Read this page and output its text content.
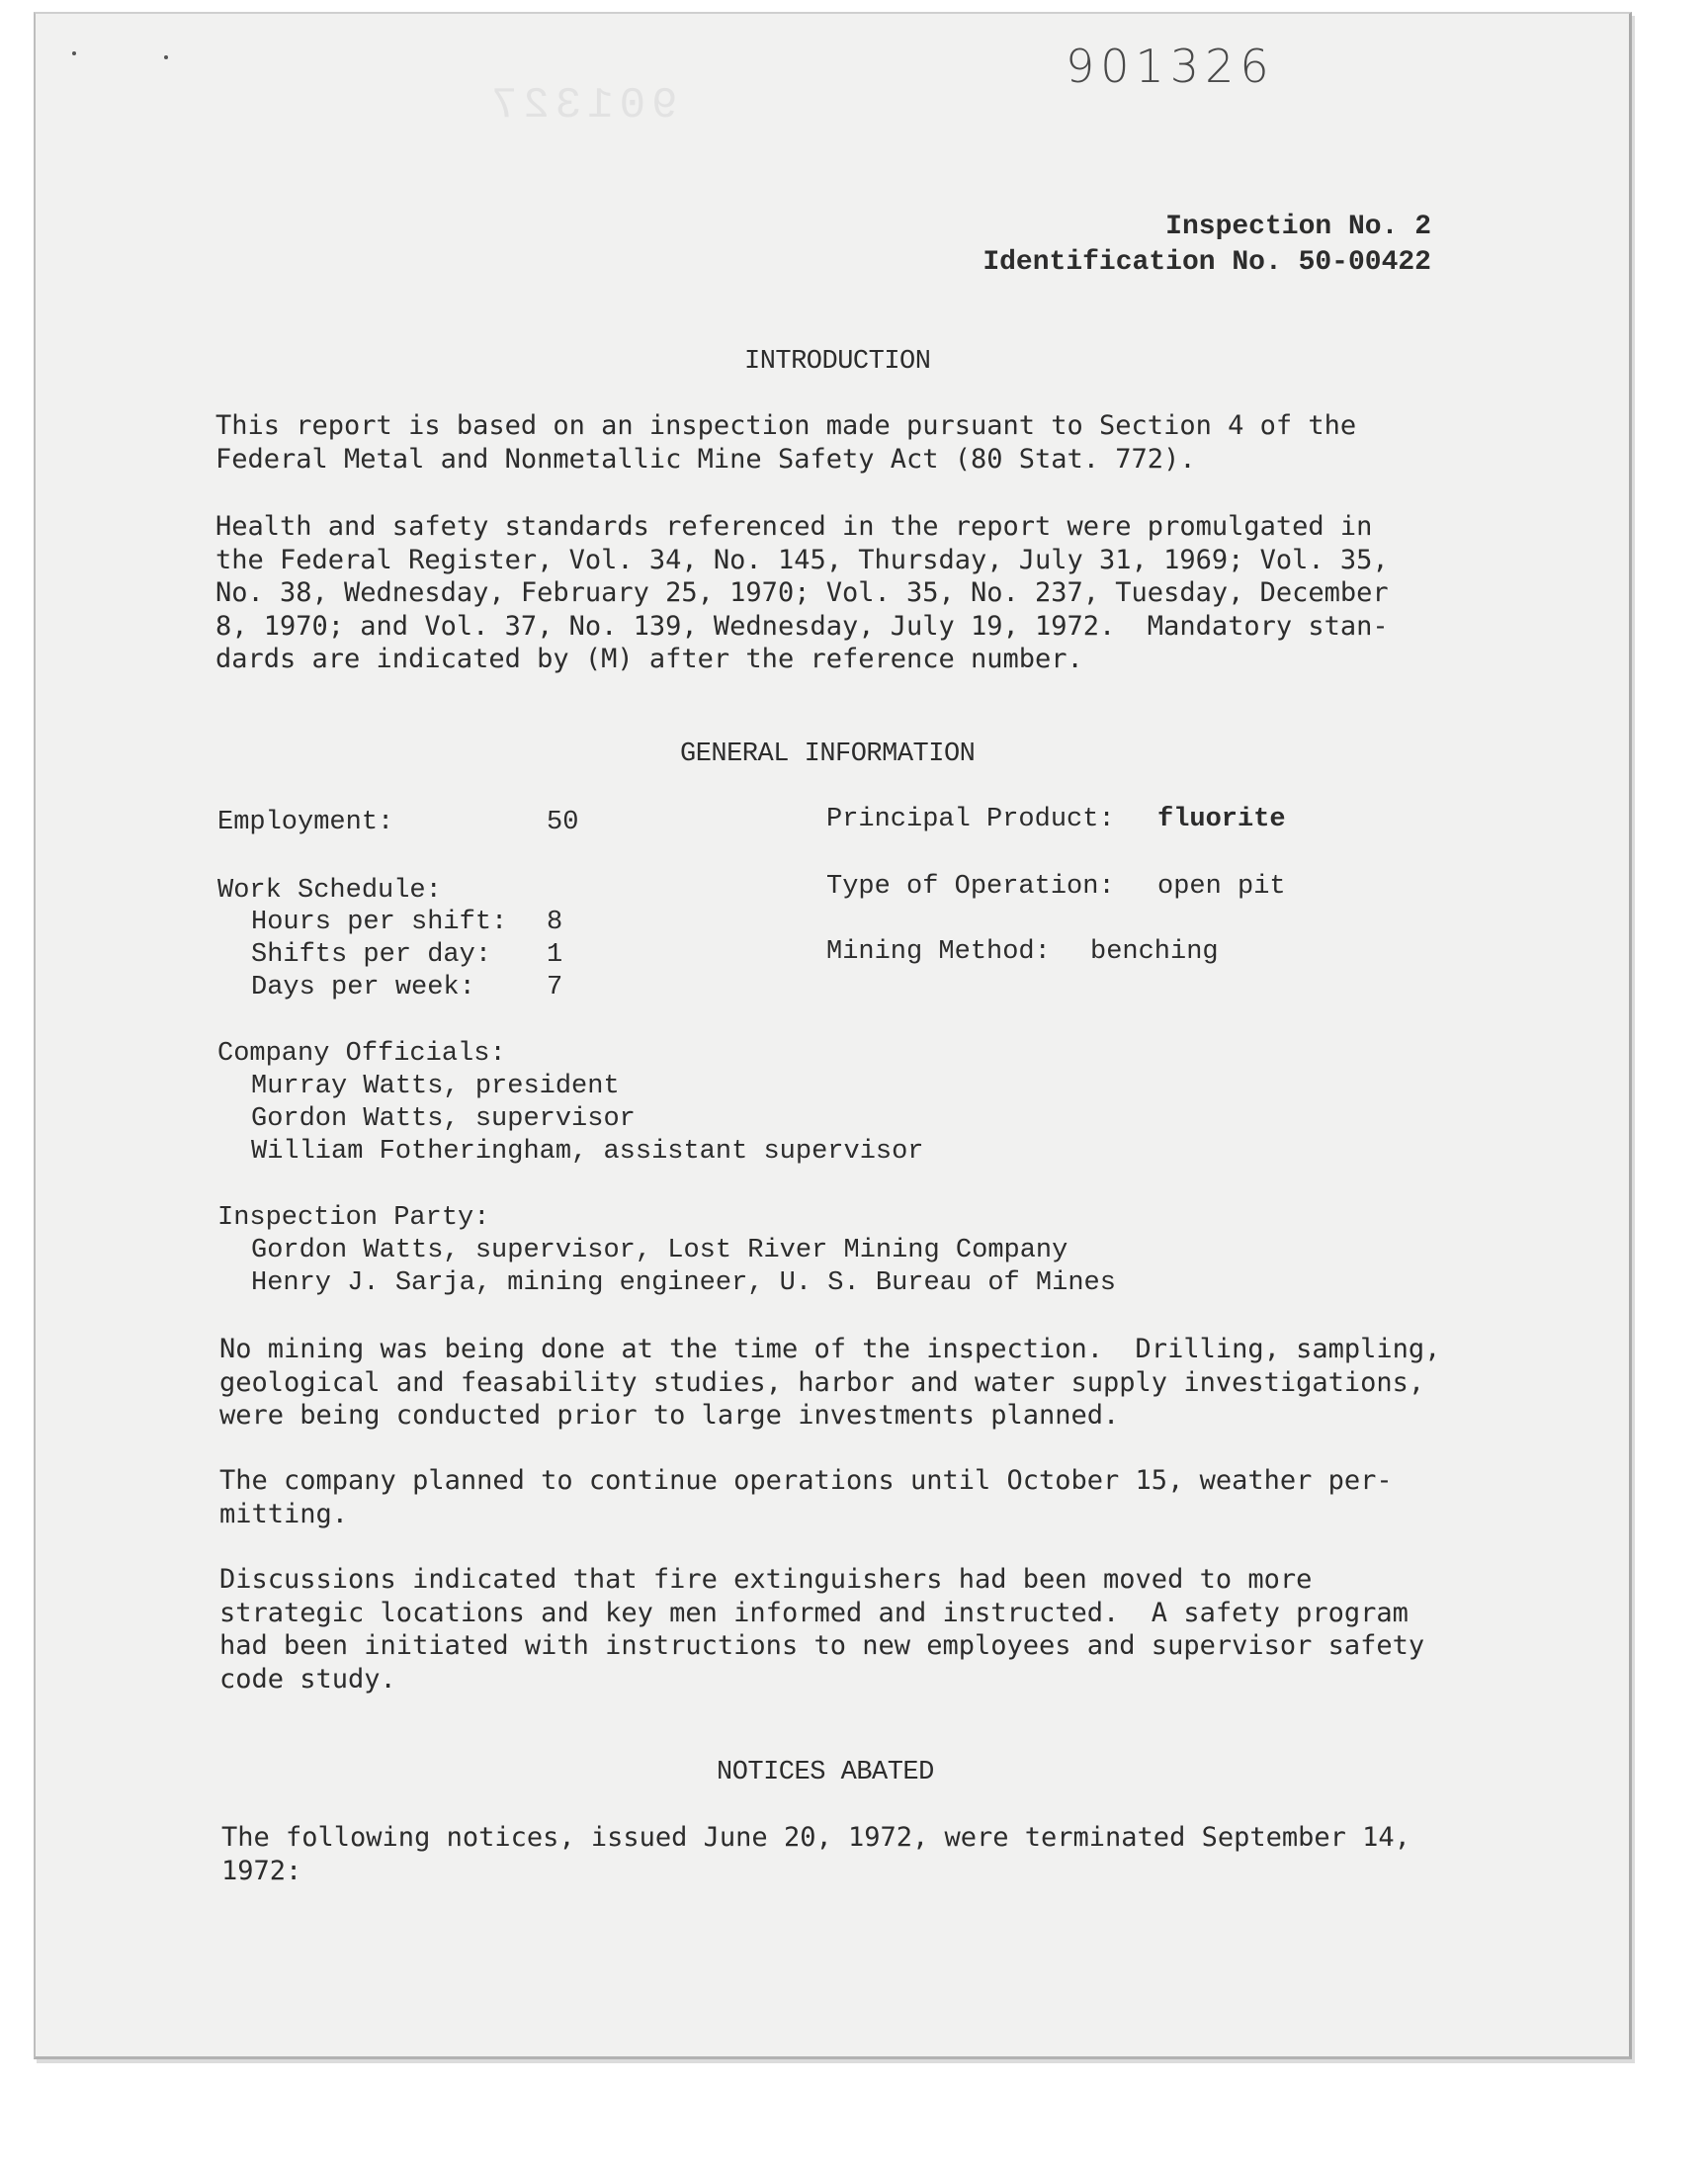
901327
901326
Inspection No. 2
Identification No. 50-00422
INTRODUCTION
This report is based on an inspection made pursuant to Section 4 of the
Federal Metal and Nonmetallic Mine Safety Act (80 Stat. 772).
Health and safety standards referenced in the report were promulgated in
the Federal Register, Vol. 34, No. 145, Thursday, July 31, 1969; Vol. 35,
No. 38, Wednesday, February 25, 1970; Vol. 35, No. 237, Tuesday, December
8, 1970; and Vol. 37, No. 139, Wednesday, July 19, 1972.  Mandatory stan-
dards are indicated by (M) after the reference number.
GENERAL INFORMATION
Employment:	50	Principal Product: fluorite
Work Schedule:	Type of Operation: open pit
Hours per shift: 8
Shifts per day: 1	Mining Method: benching
Days per week:	7
Company Officials:
Murray Watts, president
Gordon Watts, supervisor
William Fotheringham, assistant supervisor
Inspection Party:
Gordon Watts, supervisor, Lost River Mining Company
Henry J. Sarja, mining engineer, U. S. Bureau of Mines
No mining was being done at the time of the inspection.  Drilling, sampling,
geological and feasability studies, harbor and water supply investigations,
were being conducted prior to large investments planned.
The company planned to continue operations until October 15, weather per-
mitting.
Discussions indicated that fire extinguishers had been moved to more
strategic locations and key men informed and instructed.  A safety program
had been initiated with instructions to new employees and supervisor safety
code study.
NOTICES ABATED
The following notices, issued June 20, 1972, were terminated September 14,
1972:
